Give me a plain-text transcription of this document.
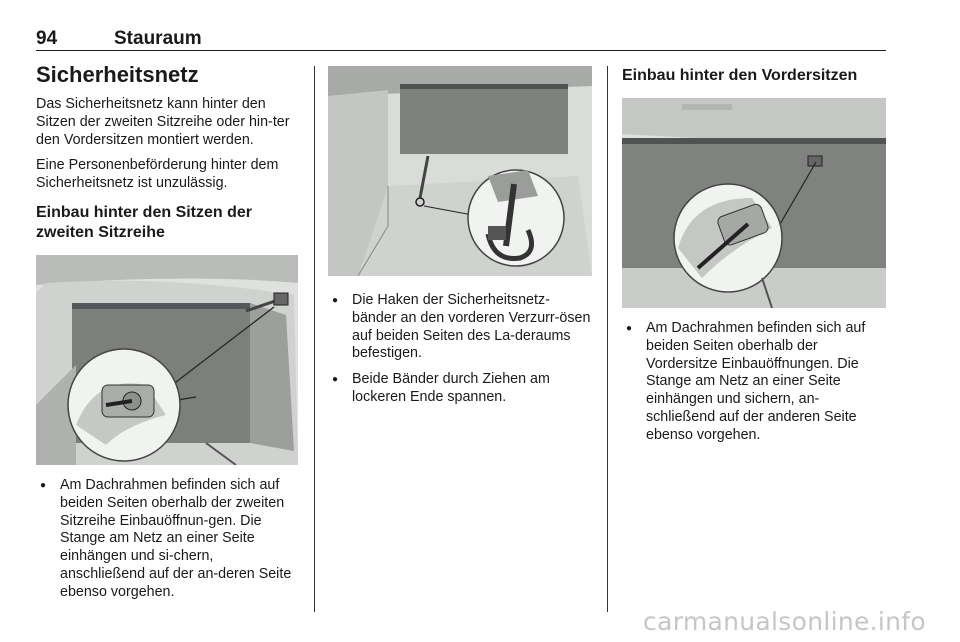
94	Stauraum
Sicherheitsnetz

Das Sicherheitsnetz kann hinter den Sitzen der zweiten Sitzreihe oder hin-ter den Vordersitzen montiert werden.

Eine Personenbeförderung hinter dem Sicherheitsnetz ist unzulässig.

Einbau hinter den Sitzen der zweiten Sitzreihe
● Am Dachrahmen befinden sich auf beiden Seiten oberhalb der zweiten Sitzreihe Einbauöffnun-gen. Die Stange am Netz an einer Seite einhängen und si-chern, anschließend auf der an-deren Seite ebenso vorgehen.
● Die Haken der Sicherheitsnetz-bänder an den vorderen Verzurr-ösen auf beiden Seiten des La-deraums befestigen.
● Beide Bänder durch Ziehen am lockeren Ende spannen.
Einbau hinter den Vordersitzen
● Am Dachrahmen befinden sich auf beiden Seiten oberhalb der Vordersitze Einbauöffnungen. Die Stange am Netz an einer Seite einhängen und sichern, an-schließend auf der anderen Seite ebenso vorgehen.
carmanualsonline.info
